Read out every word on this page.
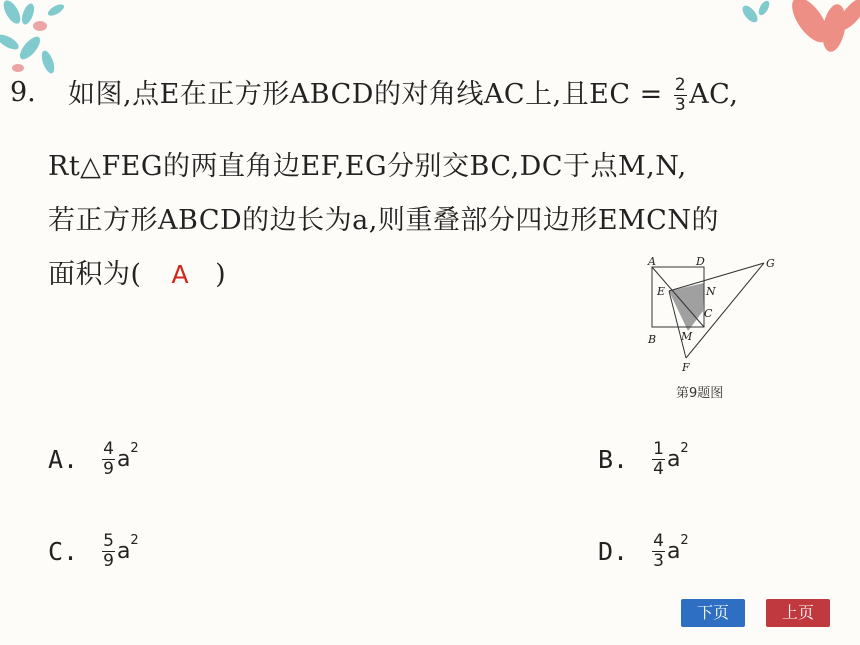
9. 如图,点E在正方形ABCD的对角线AC上,且EC = $\frac{2}{3}$ AC,
Rt△FEG的两直角边EF,EG分别交BC,DC于点M,N,
若正方形ABCD的边长为a,则重叠部分四边形EMCN的
面积为( A )	A	D	G
E	N
C
B M
F
第9题图
A. $\frac{4}{9}$ a 2	B. $\frac{1}{4}$ a 2
C. $\frac{5}{9}$ a 2	D. $\frac{4}{3}$ a 2
下页	上页
